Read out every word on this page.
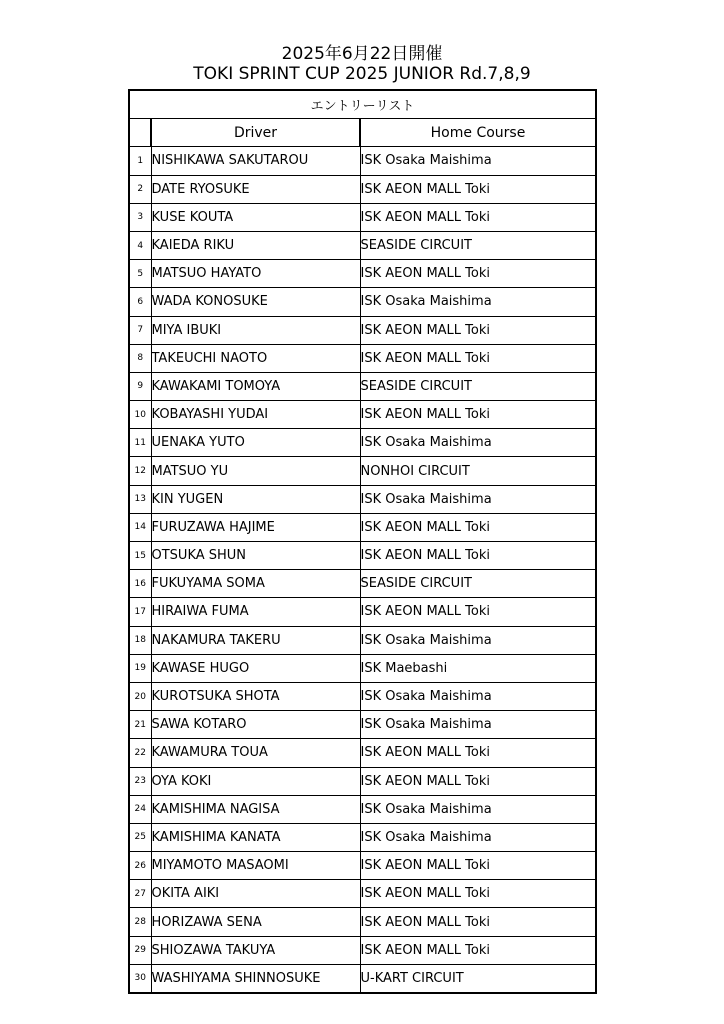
2025年6月22日開催
TOKI SPRINT CUP 2025 JUNIOR Rd.7,8,9
エントリーリスト		
	Driver	Home Course
1	NISHIKAWA SAKUTAROU	ISK Osaka Maishima
2	DATE RYOSUKE	ISK AEON MALL Toki
3	KUSE KOUTA	ISK AEON MALL Toki
4	KAIEDA RIKU	SEASIDE CIRCUIT
5	MATSUO HAYATO	ISK AEON MALL Toki
6	WADA KONOSUKE	ISK Osaka Maishima
7	MIYA IBUKI	ISK AEON MALL Toki
8	TAKEUCHI NAOTO	ISK AEON MALL Toki
9	KAWAKAMI TOMOYA	SEASIDE CIRCUIT
10	KOBAYASHI YUDAI	ISK AEON MALL Toki
11	UENAKA YUTO	ISK Osaka Maishima
12	MATSUO YU	NONHOI CIRCUIT
13	KIN YUGEN	ISK Osaka Maishima
14	FURUZAWA HAJIME	ISK AEON MALL Toki
15	OTSUKA SHUN	ISK AEON MALL Toki
16	FUKUYAMA SOMA	SEASIDE CIRCUIT
17	HIRAIWA FUMA	ISK AEON MALL Toki
18	NAKAMURA TAKERU	ISK Osaka Maishima
19	KAWASE HUGO	ISK Maebashi
20	KUROTSUKA SHOTA	ISK Osaka Maishima
21	SAWA KOTARO	ISK Osaka Maishima
22	KAWAMURA TOUA	ISK AEON MALL Toki
23	OYA KOKI	ISK AEON MALL Toki
24	KAMISHIMA NAGISA	ISK Osaka Maishima
25	KAMISHIMA KANATA	ISK Osaka Maishima
26	MIYAMOTO MASAOMI	ISK AEON MALL Toki
27	OKITA AIKI	ISK AEON MALL Toki
28	HORIZAWA SENA	ISK AEON MALL Toki
29	SHIOZAWA TAKUYA	ISK AEON MALL Toki
30	WASHIYAMA SHINNOSUKE	U-KART CIRCUIT
